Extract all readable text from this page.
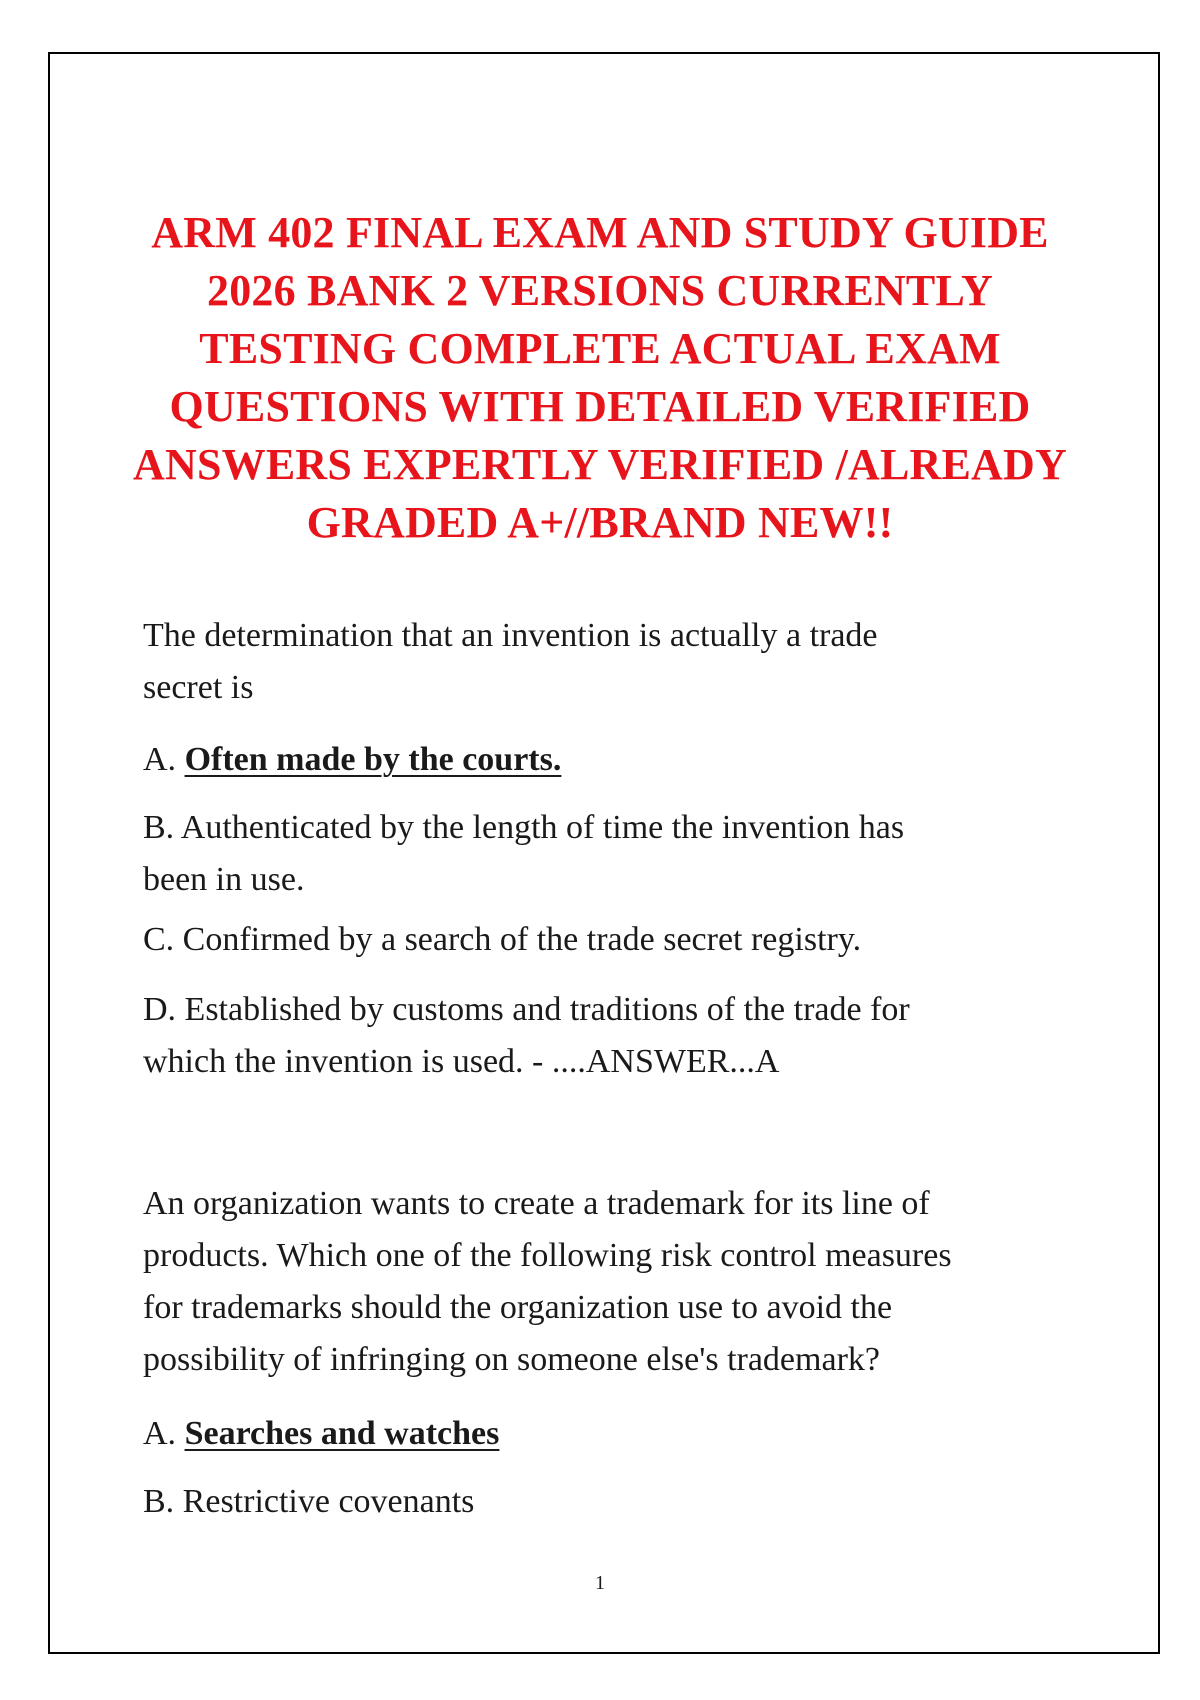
ARM 402 FINAL EXAM AND STUDY GUIDE
2026 BANK 2 VERSIONS CURRENTLY
TESTING COMPLETE ACTUAL EXAM
QUESTIONS WITH DETAILED VERIFIED
ANSWERS EXPERTLY VERIFIED /ALREADY
GRADED A+//BRAND NEW!!
The determination that an invention is actually a trade
secret is
A. Often made by the courts.
B. Authenticated by the length of time the invention has
been in use.
C. Confirmed by a search of the trade secret registry.
D. Established by customs and traditions of the trade for
which the invention is used. - ....ANSWER...A
An organization wants to create a trademark for its line of
products. Which one of the following risk control measures
for trademarks should the organization use to avoid the
possibility of infringing on someone else's trademark?
A. Searches and watches
B. Restrictive covenants
1
